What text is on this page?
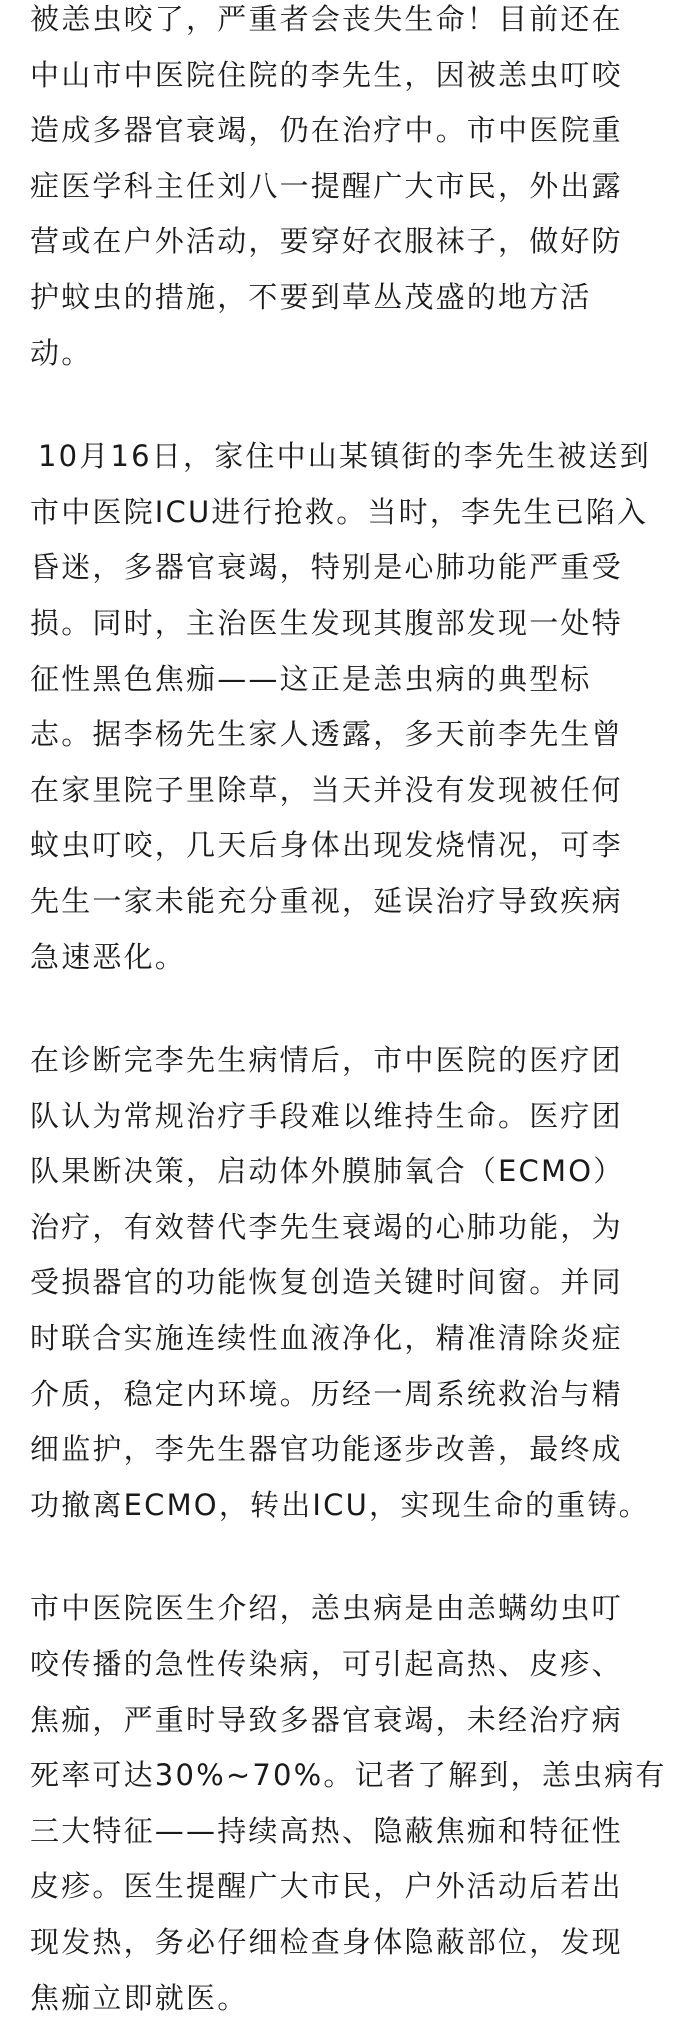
被恙虫咬了，严重者会丧失生命！目前还在
中山市中医院住院的李先生，因被恙虫叮咬
造成多器官衰竭，仍在治疗中。市中医院重
症医学科主任刘八一提醒广大市民，外出露
营或在户外活动，要穿好衣服袜子，做好防
护蚊虫的措施，不要到草丛茂盛的地方活
动。
10月16日，家住中山某镇街的李先生被送到
市中医院ICU进行抢救。当时，李先生已陷入
昏迷，多器官衰竭，特别是心肺功能严重受
损。同时，主治医生发现其腹部发现一处特
征性黑色焦痂——这正是恙虫病的典型标
志。据李杨先生家人透露，多天前李先生曾
在家里院子里除草，当天并没有发现被任何
蚊虫叮咬，几天后身体出现发烧情况，可李
先生一家未能充分重视，延误治疗导致疾病
急速恶化。
在诊断完李先生病情后，市中医院的医疗团
队认为常规治疗手段难以维持生命。医疗团
队果断决策，启动体外膜肺氧合（ECMO）
治疗，有效替代李先生衰竭的心肺功能，为
受损器官的功能恢复创造关键时间窗。并同
时联合实施连续性血液净化，精准清除炎症
介质，稳定内环境。历经一周系统救治与精
细监护，李先生器官功能逐步改善，最终成
功撤离ECMO，转出ICU，实现生命的重铸。
市中医院医生介绍，恙虫病是由恙螨幼虫叮
咬传播的急性传染病，可引起高热、皮疹、
焦痂，严重时导致多器官衰竭，未经治疗病
死率可达30%~70%。记者了解到，恙虫病有
三大特征——持续高热、隐蔽焦痂和特征性
皮疹。医生提醒广大市民，户外活动后若出
现发热，务必仔细检查身体隐蔽部位，发现
焦痂立即就医。
